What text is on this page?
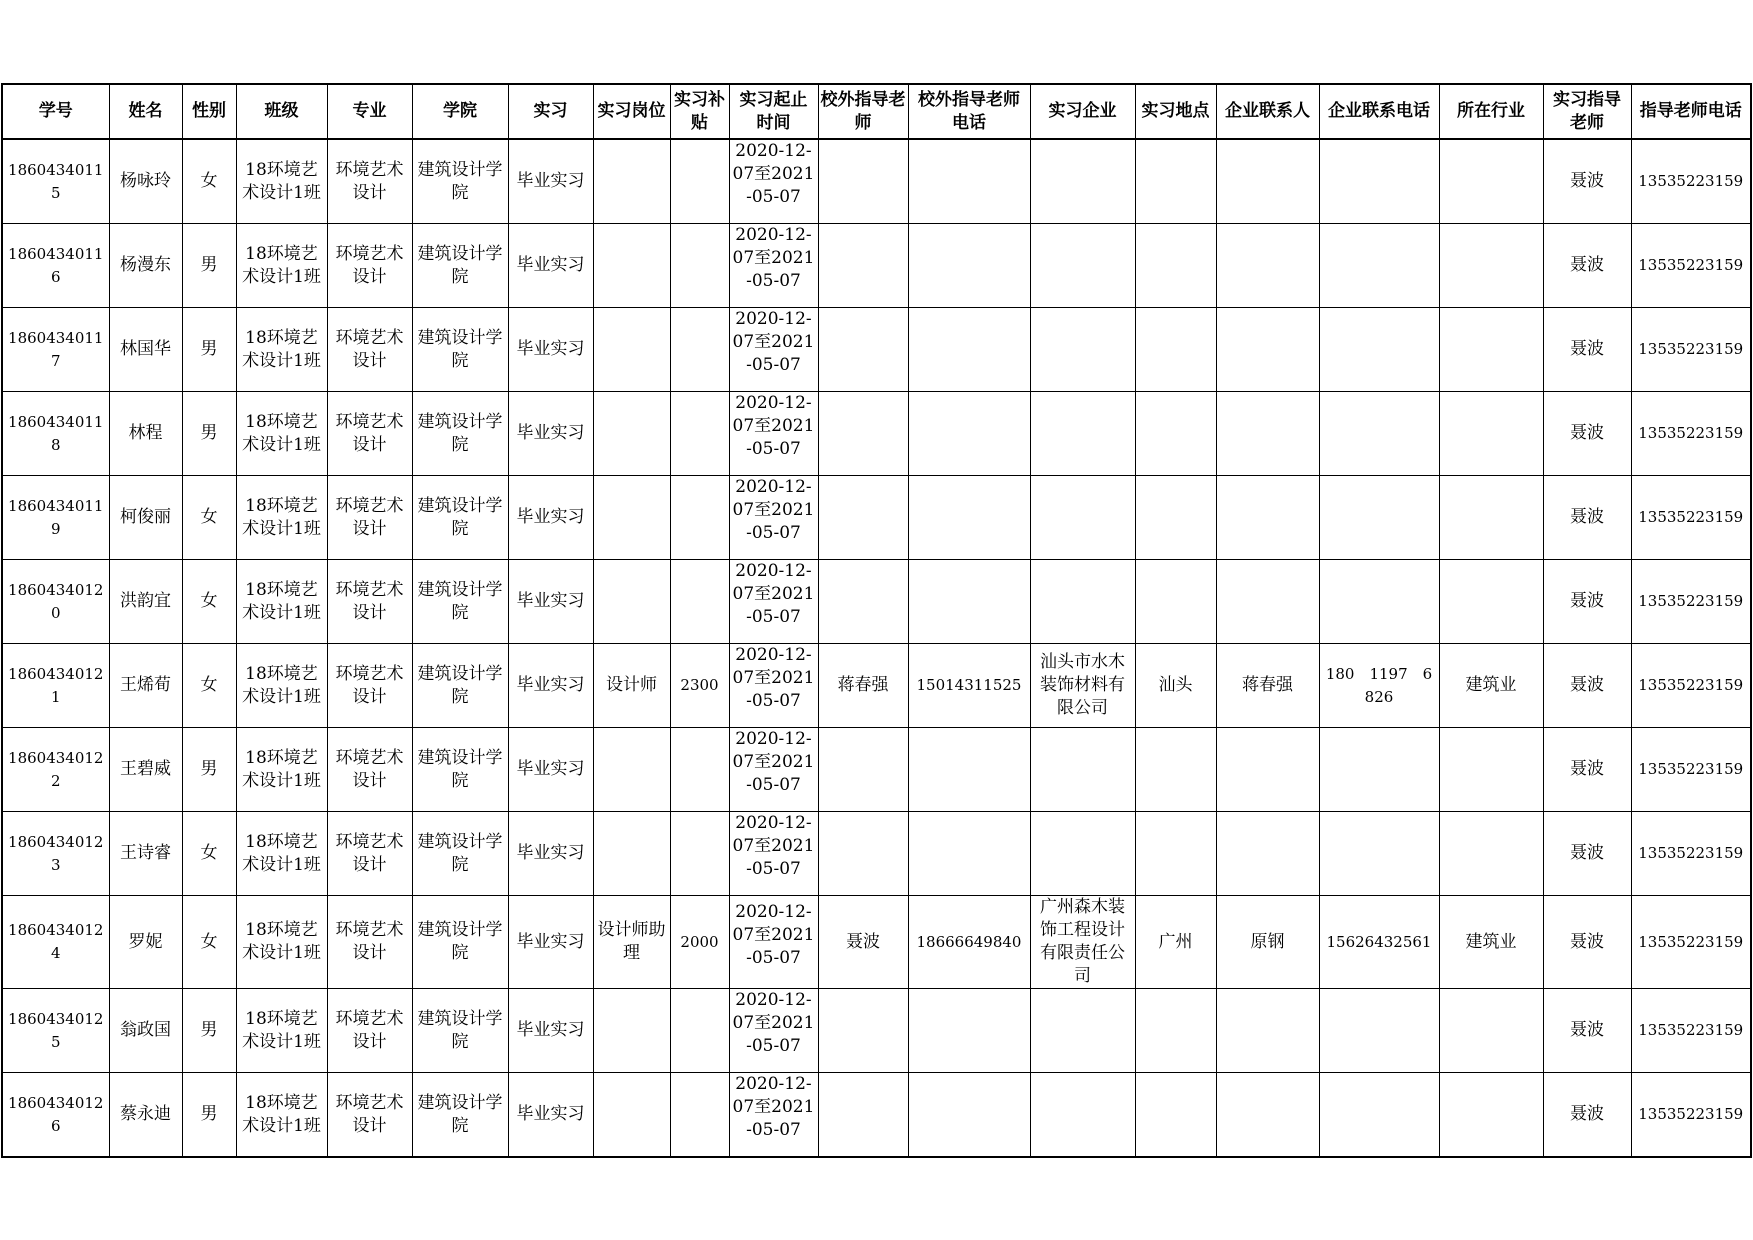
学号	姓名	性别	班级	专业	学院	实习	实习岗位	实习补贴	实习起止时间	校外指导老师	校外指导老师电话	实习企业	实习地点	企业联系人	企业联系电话	所在行业	实习指导老师	指导老师电话
18604340115	杨咏玲	女	18环境艺术设计1班	环境艺术设计	建筑设计学院	毕业实习			2020-12-07至2021-05-07								聂波	13535223159
18604340116	杨漫东	男	18环境艺术设计1班	环境艺术设计	建筑设计学院	毕业实习			2020-12-07至2021-05-07								聂波	13535223159
18604340117	林国华	男	18环境艺术设计1班	环境艺术设计	建筑设计学院	毕业实习			2020-12-07至2021-05-07								聂波	13535223159
18604340118	林程	男	18环境艺术设计1班	环境艺术设计	建筑设计学院	毕业实习			2020-12-07至2021-05-07								聂波	13535223159
18604340119	柯俊丽	女	18环境艺术设计1班	环境艺术设计	建筑设计学院	毕业实习			2020-12-07至2021-05-07								聂波	13535223159
18604340120	洪韵宜	女	18环境艺术设计1班	环境艺术设计	建筑设计学院	毕业实习			2020-12-07至2021-05-07								聂波	13535223159
18604340121	王烯荀	女	18环境艺术设计1班	环境艺术设计	建筑设计学院	毕业实习	设计师	2300	2020-12-07至2021-05-07	蒋春强	15014311525	汕头市水木装饰材料有限公司	汕头	蒋春强	180　1197　6826	建筑业	聂波	13535223159
18604340122	王碧威	男	18环境艺术设计1班	环境艺术设计	建筑设计学院	毕业实习			2020-12-07至2021-05-07								聂波	13535223159
18604340123	王诗睿	女	18环境艺术设计1班	环境艺术设计	建筑设计学院	毕业实习			2020-12-07至2021-05-07								聂波	13535223159
18604340124	罗妮	女	18环境艺术设计1班	环境艺术设计	建筑设计学院	毕业实习	设计师助理	2000	2020-12-07至2021-05-07	聂波	18666649840	广州森木装饰工程设计有限责任公司	广州	原钢	15626432561	建筑业	聂波	13535223159
18604340125	翁政国	男	18环境艺术设计1班	环境艺术设计	建筑设计学院	毕业实习			2020-12-07至2021-05-07								聂波	13535223159
18604340126	蔡永迪	男	18环境艺术设计1班	环境艺术设计	建筑设计学院	毕业实习			2020-12-07至2021-05-07								聂波	13535223159
